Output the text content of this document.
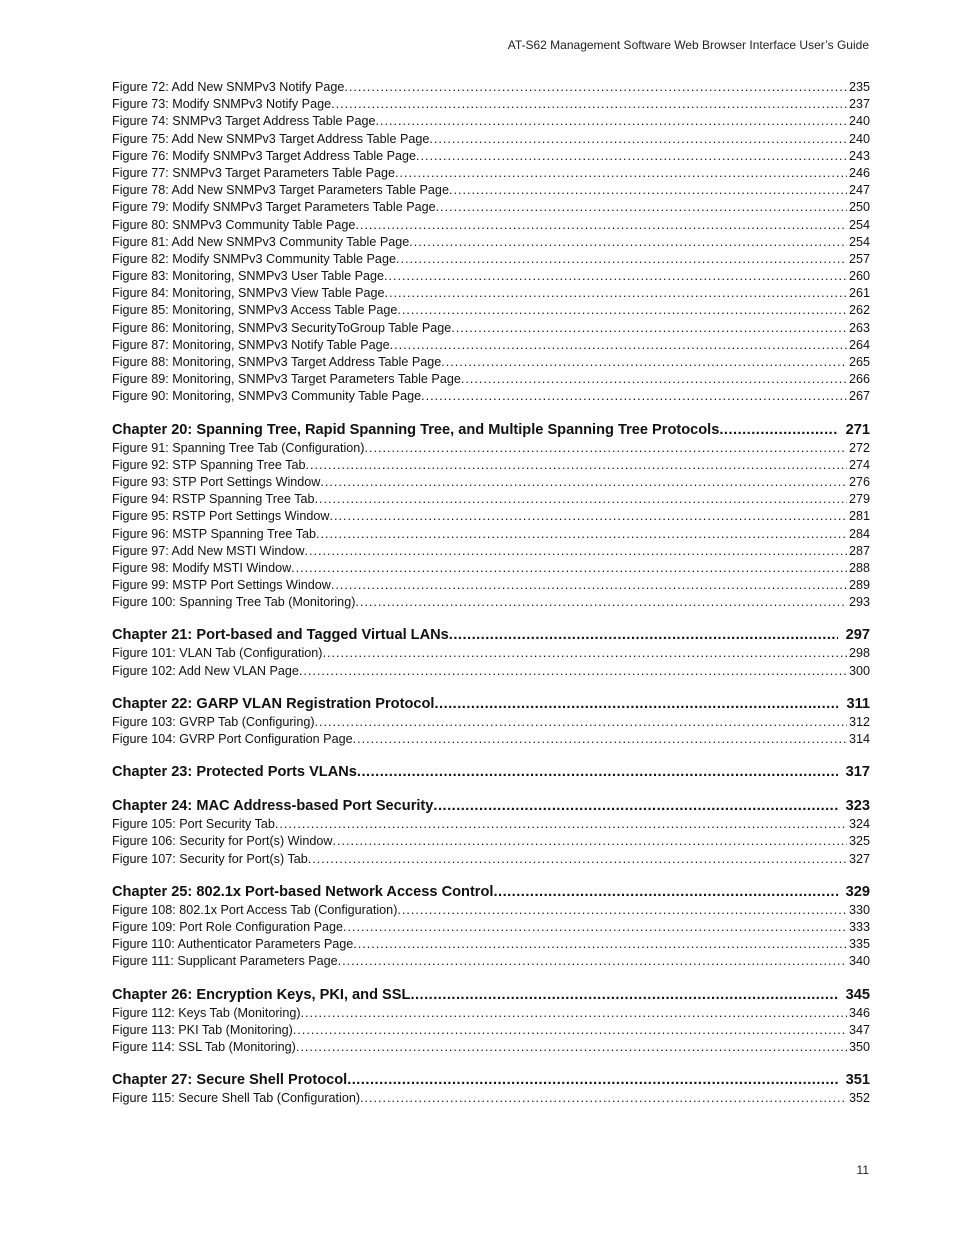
AT-S62 Management Software Web Browser Interface User’s Guide
Figure 72: Add New SNMPv3 Notify Page .....	235
Figure 73: Modify SNMPv3 Notify Page .....	237
Figure 74: SNMPv3 Target Address Table Page .....	240
Figure 75: Add New SNMPv3 Target Address Table Page .....	240
Figure 76: Modify SNMPv3 Target Address Table Page .....	243
Figure 77: SNMPv3 Target Parameters Table Page .....	246
Figure 78: Add New SNMPv3 Target Parameters Table Page .....	247
Figure 79: Modify SNMPv3 Target Parameters Table Page .....	250
Figure 80: SNMPv3 Community Table Page .....	254
Figure 81: Add New SNMPv3 Community Table Page .....	254
Figure 82: Modify SNMPv3 Community Table Page .....	257
Figure 83: Monitoring, SNMPv3 User Table Page .....	260
Figure 84: Monitoring, SNMPv3 View Table Page .....	261
Figure 85: Monitoring, SNMPv3 Access Table Page .....	262
Figure 86: Monitoring, SNMPv3 SecurityToGroup Table Page .....	263
Figure 87: Monitoring, SNMPv3 Notify Table Page .....	264
Figure 88: Monitoring, SNMPv3 Target Address Table Page .....	265
Figure 89: Monitoring, SNMPv3 Target Parameters Table Page .....	266
Figure 90: Monitoring, SNMPv3 Community Table Page .....	267
Chapter 20: Spanning Tree, Rapid Spanning Tree, and Multiple Spanning Tree Protocols .....	271
Figure 91: Spanning Tree Tab (Configuration) .....	272
Figure 92: STP Spanning Tree Tab .....	274
Figure 93: STP Port Settings Window .....	276
Figure 94: RSTP Spanning Tree Tab .....	279
Figure 95: RSTP Port Settings Window .....	281
Figure 96: MSTP Spanning Tree Tab .....	284
Figure 97: Add New MSTI Window .....	287
Figure 98: Modify MSTI Window .....	288
Figure 99: MSTP Port Settings Window .....	289
Figure 100: Spanning Tree Tab (Monitoring) .....	293
Chapter 21: Port-based and Tagged Virtual LANs .....	297
Figure 101: VLAN Tab (Configuration) .....	298
Figure 102: Add New VLAN Page .....	300
Chapter 22: GARP VLAN Registration Protocol .....	311
Figure 103: GVRP Tab (Configuring) .....	312
Figure 104: GVRP Port Configuration Page .....	314
Chapter 23: Protected Ports VLANs .....	317
Chapter 24: MAC Address-based Port Security .....	323
Figure 105: Port Security Tab .....	324
Figure 106: Security for Port(s) Window .....	325
Figure 107: Security for Port(s) Tab .....	327
Chapter 25: 802.1x Port-based Network Access Control .....	329
Figure 108: 802.1x Port Access Tab (Configuration) .....	330
Figure 109: Port Role Configuration Page .....	333
Figure 110: Authenticator Parameters Page .....	335
Figure 111: Supplicant Parameters Page .....	340
Chapter 26: Encryption Keys, PKI, and SSL .....	345
Figure 112: Keys Tab (Monitoring) .....	346
Figure 113: PKI Tab (Monitoring) .....	347
Figure 114: SSL Tab (Monitoring) .....	350
Chapter 27: Secure Shell Protocol .....	351
Figure 115: Secure Shell Tab (Configuration) .....	352
11
